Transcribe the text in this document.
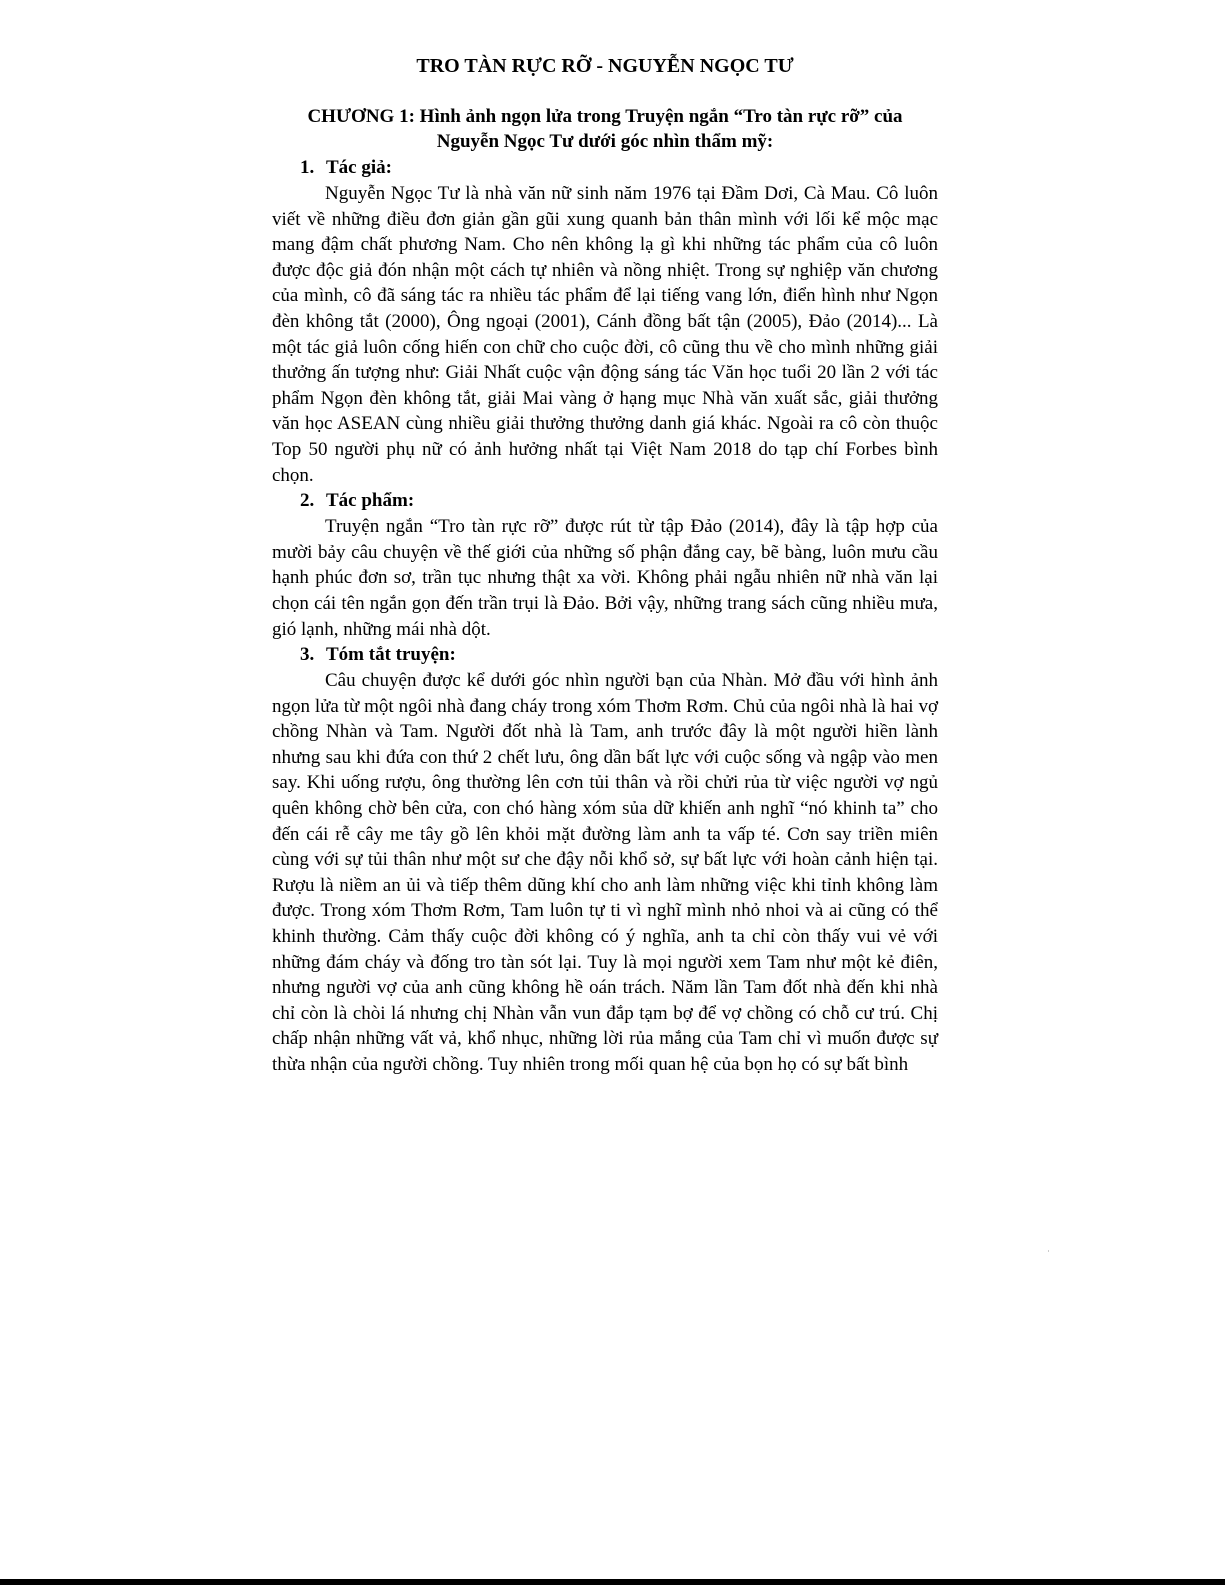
TRO TÀN RỰC RỠ - NGUYỄN NGỌC TƯ
CHƯƠNG 1: Hình ảnh ngọn lửa trong Truyện ngắn “Tro tàn rực rỡ” của
Nguyễn Ngọc Tư dưới góc nhìn thẩm mỹ:
1. Tác giả:

Nguyễn Ngọc Tư là nhà văn nữ sinh năm 1976 tại Đầm Dơi, Cà Mau. Cô luôn viết về những điều đơn giản gần gũi xung quanh bản thân mình với lối kể mộc mạc mang đậm chất phương Nam. Cho nên không lạ gì khi những tác phẩm của cô luôn được độc giả đón nhận một cách tự nhiên và nồng nhiệt. Trong sự nghiệp văn chương của mình, cô đã sáng tác ra nhiều tác phẩm để lại tiếng vang lớn, điển hình như Ngọn đèn không tắt (2000), Ông ngoại (2001), Cánh đồng bất tận (2005), Đảo (2014)... Là một tác giả luôn cống hiến con chữ cho cuộc đời, cô cũng thu về cho mình những giải thưởng ấn tượng như: Giải Nhất cuộc vận động sáng tác Văn học tuổi 20 lần 2 với tác phẩm Ngọn đèn không tắt, giải Mai vàng ở hạng mục Nhà văn xuất sắc, giải thưởng văn học ASEAN cùng nhiều giải thưởng thưởng danh giá khác. Ngoài ra cô còn thuộc Top 50 người phụ nữ có ảnh hưởng nhất tại Việt Nam 2018 do tạp chí Forbes bình chọn.

2. Tác phẩm:

Truyện ngắn “Tro tàn rực rỡ” được rút từ tập Đảo (2014), đây là tập hợp của mười bảy câu chuyện về thế giới của những số phận đắng cay, bẽ bàng, luôn mưu cầu hạnh phúc đơn sơ, trần tục nhưng thật xa vời. Không phải ngẫu nhiên nữ nhà văn lại chọn cái tên ngắn gọn đến trần trụi là Đảo. Bởi vậy, những trang sách cũng nhiều mưa, gió lạnh, những mái nhà dột.

3. Tóm tắt truyện:

Câu chuyện được kể dưới góc nhìn người bạn của Nhàn. Mở đầu với hình ảnh ngọn lửa từ một ngôi nhà đang cháy trong xóm Thơm Rơm. Chủ của ngôi nhà là hai vợ chồng Nhàn và Tam. Người đốt nhà là Tam, anh trước đây là một người hiền lành nhưng sau khi đứa con thứ 2 chết lưu, ông dần bất lực với cuộc sống và ngập vào men say. Khi uống rượu, ông thường lên cơn tủi thân và rồi chửi rủa từ việc người vợ ngủ quên không chờ bên cửa, con chó hàng xóm sủa dữ khiến anh nghĩ “nó khinh ta” cho đến cái rễ cây me tây gồ lên khỏi mặt đường làm anh ta vấp té. Cơn say triền miên cùng với sự tủi thân như một sư che đậy nỗi khổ sở, sự bất lực với hoàn cảnh hiện tại. Rượu là niềm an ủi và tiếp thêm dũng khí cho anh làm những việc khi tỉnh không làm được. Trong xóm Thơm Rơm, Tam luôn tự ti vì nghĩ mình nhỏ nhoi và ai cũng có thể khinh thường. Cảm thấy cuộc đời không có ý nghĩa, anh ta chỉ còn thấy vui vẻ với những đám cháy và đống tro tàn sót lại. Tuy là mọi người xem Tam như một kẻ điên, nhưng người vợ của anh cũng không hề oán trách. Năm lần Tam đốt nhà đến khi nhà chỉ còn là chòi lá nhưng chị Nhàn vẫn vun đắp tạm bợ để vợ chồng có chỗ cư trú. Chị chấp nhận những vất vả, khổ nhục, những lời rủa mắng của Tam chỉ vì muốn được sự thừa nhận của người chồng. Tuy nhiên trong mối quan hệ của bọn họ có sự bất bình
